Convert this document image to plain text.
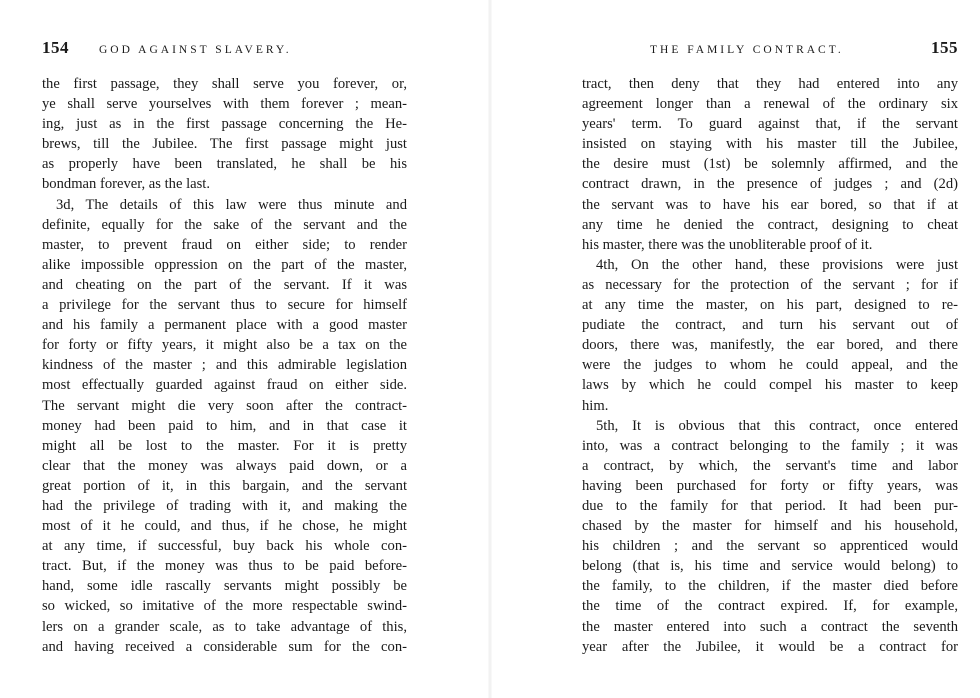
154	GOD AGAINST SLAVERY.
the first passage, they shall serve you forever, or,
ye shall serve yourselves with them forever ; mean-
ing, just as in the first passage concerning the He-
brews, till the Jubilee. The first passage might just
as properly have been translated, he shall be his
bondman forever, as the last.
3d, The details of this law were thus minute and
definite, equally for the sake of the servant and the
master, to prevent fraud on either side; to render
alike impossible oppression on the part of the master,
and cheating on the part of the servant. If it was
a privilege for the servant thus to secure for himself
and his family a permanent place with a good master
for forty or fifty years, it might also be a tax on the
kindness of the master ; and this admirable legislation
most effectually guarded against fraud on either side.
The servant might die very soon after the contract-
money had been paid to him, and in that case it
might all be lost to the master. For it is pretty
clear that the money was always paid down, or a
great portion of it, in this bargain, and the servant
had the privilege of trading with it, and making the
most of it he could, and thus, if he chose, he might
at any time, if successful, buy back his whole con-
tract. But, if the money was thus to be paid before-
hand, some idle rascally servants might possibly be
so wicked, so imitative of the more respectable swind-
lers on a grander scale, as to take advantage of this,
and having received a considerable sum for the con-
THE FAMILY CONTRACT.	155
tract, then deny that they had entered into any
agreement longer than a renewal of the ordinary six
years' term. To guard against that, if the servant
insisted on staying with his master till the Jubilee,
the desire must (1st) be solemnly affirmed, and the
contract drawn, in the presence of judges ; and (2d)
the servant was to have his ear bored, so that if at
any time he denied the contract, designing to cheat
his master, there was the unobliterable proof of it.
4th, On the other hand, these provisions were just
as necessary for the protection of the servant ; for if
at any time the master, on his part, designed to re-
pudiate the contract, and turn his servant out of
doors, there was, manifestly, the ear bored, and there
were the judges to whom he could appeal, and the
laws by which he could compel his master to keep
him.
5th, It is obvious that this contract, once entered
into, was a contract belonging to the family ; it was
a contract, by which, the servant's time and labor
having been purchased for forty or fifty years, was
due to the family for that period. It had been pur-
chased by the master for himself and his household,
his children ; and the servant so apprenticed would
belong (that is, his time and service would belong) to
the family, to the children, if the master died before
the time of the contract expired. If, for example,
the master entered into such a contract the seventh
year after the Jubilee, it would be a contract for
